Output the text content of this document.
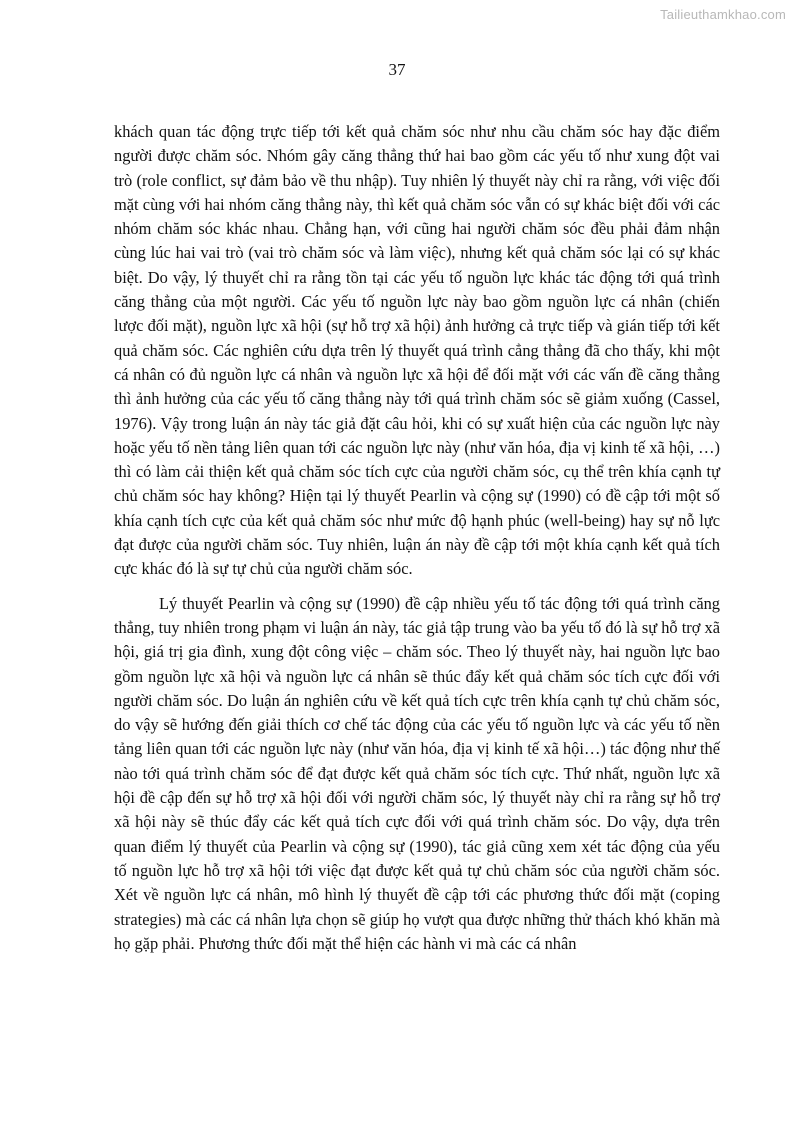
Tailieuthamkhao.com
37

khách quan tác động trực tiếp tới kết quả chăm sóc như nhu cầu chăm sóc hay đặc điểm người được chăm sóc. Nhóm gây căng thẳng thứ hai bao gồm các yếu tố như xung đột vai trò (role conflict, sự đảm bảo về thu nhập). Tuy nhiên lý thuyết này chỉ ra rằng, với việc đối mặt cùng với hai nhóm căng thẳng này, thì kết quả chăm sóc vẫn có sự khác biệt đối với các nhóm chăm sóc khác nhau. Chẳng hạn, với cũng hai người chăm sóc đều phải đảm nhận cùng lúc hai vai trò (vai trò chăm sóc và làm việc), nhưng kết quả chăm sóc lại có sự khác biệt. Do vậy, lý thuyết chỉ ra rằng tồn tại các yếu tố nguồn lực khác tác động tới quá trình căng thẳng của một người. Các yếu tố nguồn lực này bao gồm nguồn lực cá nhân (chiến lược đối mặt), nguồn lực xã hội (sự hỗ trợ xã hội) ảnh hưởng cả trực tiếp và gián tiếp tới kết quả chăm sóc. Các nghiên cứu dựa trên lý thuyết quá trình cẳng thẳng đã cho thấy, khi một cá nhân có đủ nguồn lực cá nhân và nguồn lực xã hội để đối mặt với các vấn đề căng thẳng thì ảnh hưởng của các yếu tố căng thẳng này tới quá trình chăm sóc sẽ giảm xuống (Cassel, 1976). Vậy trong luận án này tác giả đặt câu hỏi, khi có sự xuất hiện của các nguồn lực này hoặc yếu tố nền tảng liên quan tới các nguồn lực này (như văn hóa, địa vị kinh tế xã hội, …) thì có làm cải thiện kết quả chăm sóc tích cực của người chăm sóc, cụ thể trên khía cạnh tự chủ chăm sóc hay không? Hiện tại lý thuyết Pearlin và cộng sự (1990) có đề cập tới một số khía cạnh tích cực của kết quả chăm sóc như mức độ hạnh phúc (well-being) hay sự nỗ lực đạt được của người chăm sóc. Tuy nhiên, luận án này đề cập tới một khía cạnh kết quả tích cực khác đó là sự tự chủ của người chăm sóc.

Lý thuyết Pearlin và cộng sự (1990) đề cập nhiều yếu tố tác động tới quá trình căng thẳng, tuy nhiên trong phạm vi luận án này, tác giả tập trung vào ba yếu tố đó là sự hỗ trợ xã hội, giá trị gia đình, xung đột công việc – chăm sóc. Theo lý thuyết này, hai nguồn lực bao gồm nguồn lực xã hội và nguồn lực cá nhân sẽ thúc đẩy kết quả chăm sóc tích cực đối với người chăm sóc. Do luận án nghiên cứu về kết quả tích cực trên khía cạnh tự chủ chăm sóc, do vậy sẽ hướng đến giải thích cơ chế tác động của các yếu tố nguồn lực và các yếu tố nền tảng liên quan tới các nguồn lực này (như văn hóa, địa vị kinh tế xã hội…) tác động như thế nào tới quá trình chăm sóc để đạt được kết quả chăm sóc tích cực. Thứ nhất, nguồn lực xã hội đề cập đến sự hỗ trợ xã hội đối với người chăm sóc, lý thuyết này chỉ ra rằng sự hỗ trợ xã hội này sẽ thúc đẩy các kết quả tích cực đối với quá trình chăm sóc. Do vậy, dựa trên quan điểm lý thuyết của Pearlin và cộng sự (1990), tác giả cũng xem xét tác động của yếu tố nguồn lực hỗ trợ xã hội tới việc đạt được kết quả tự chủ chăm sóc của người chăm sóc. Xét về nguồn lực cá nhân, mô hình lý thuyết đề cập tới các phương thức đối mặt (coping strategies) mà các cá nhân lựa chọn sẽ giúp họ vượt qua được những thử thách khó khăn mà họ gặp phải. Phương thức đối mặt thể hiện các hành vi mà các cá nhân
